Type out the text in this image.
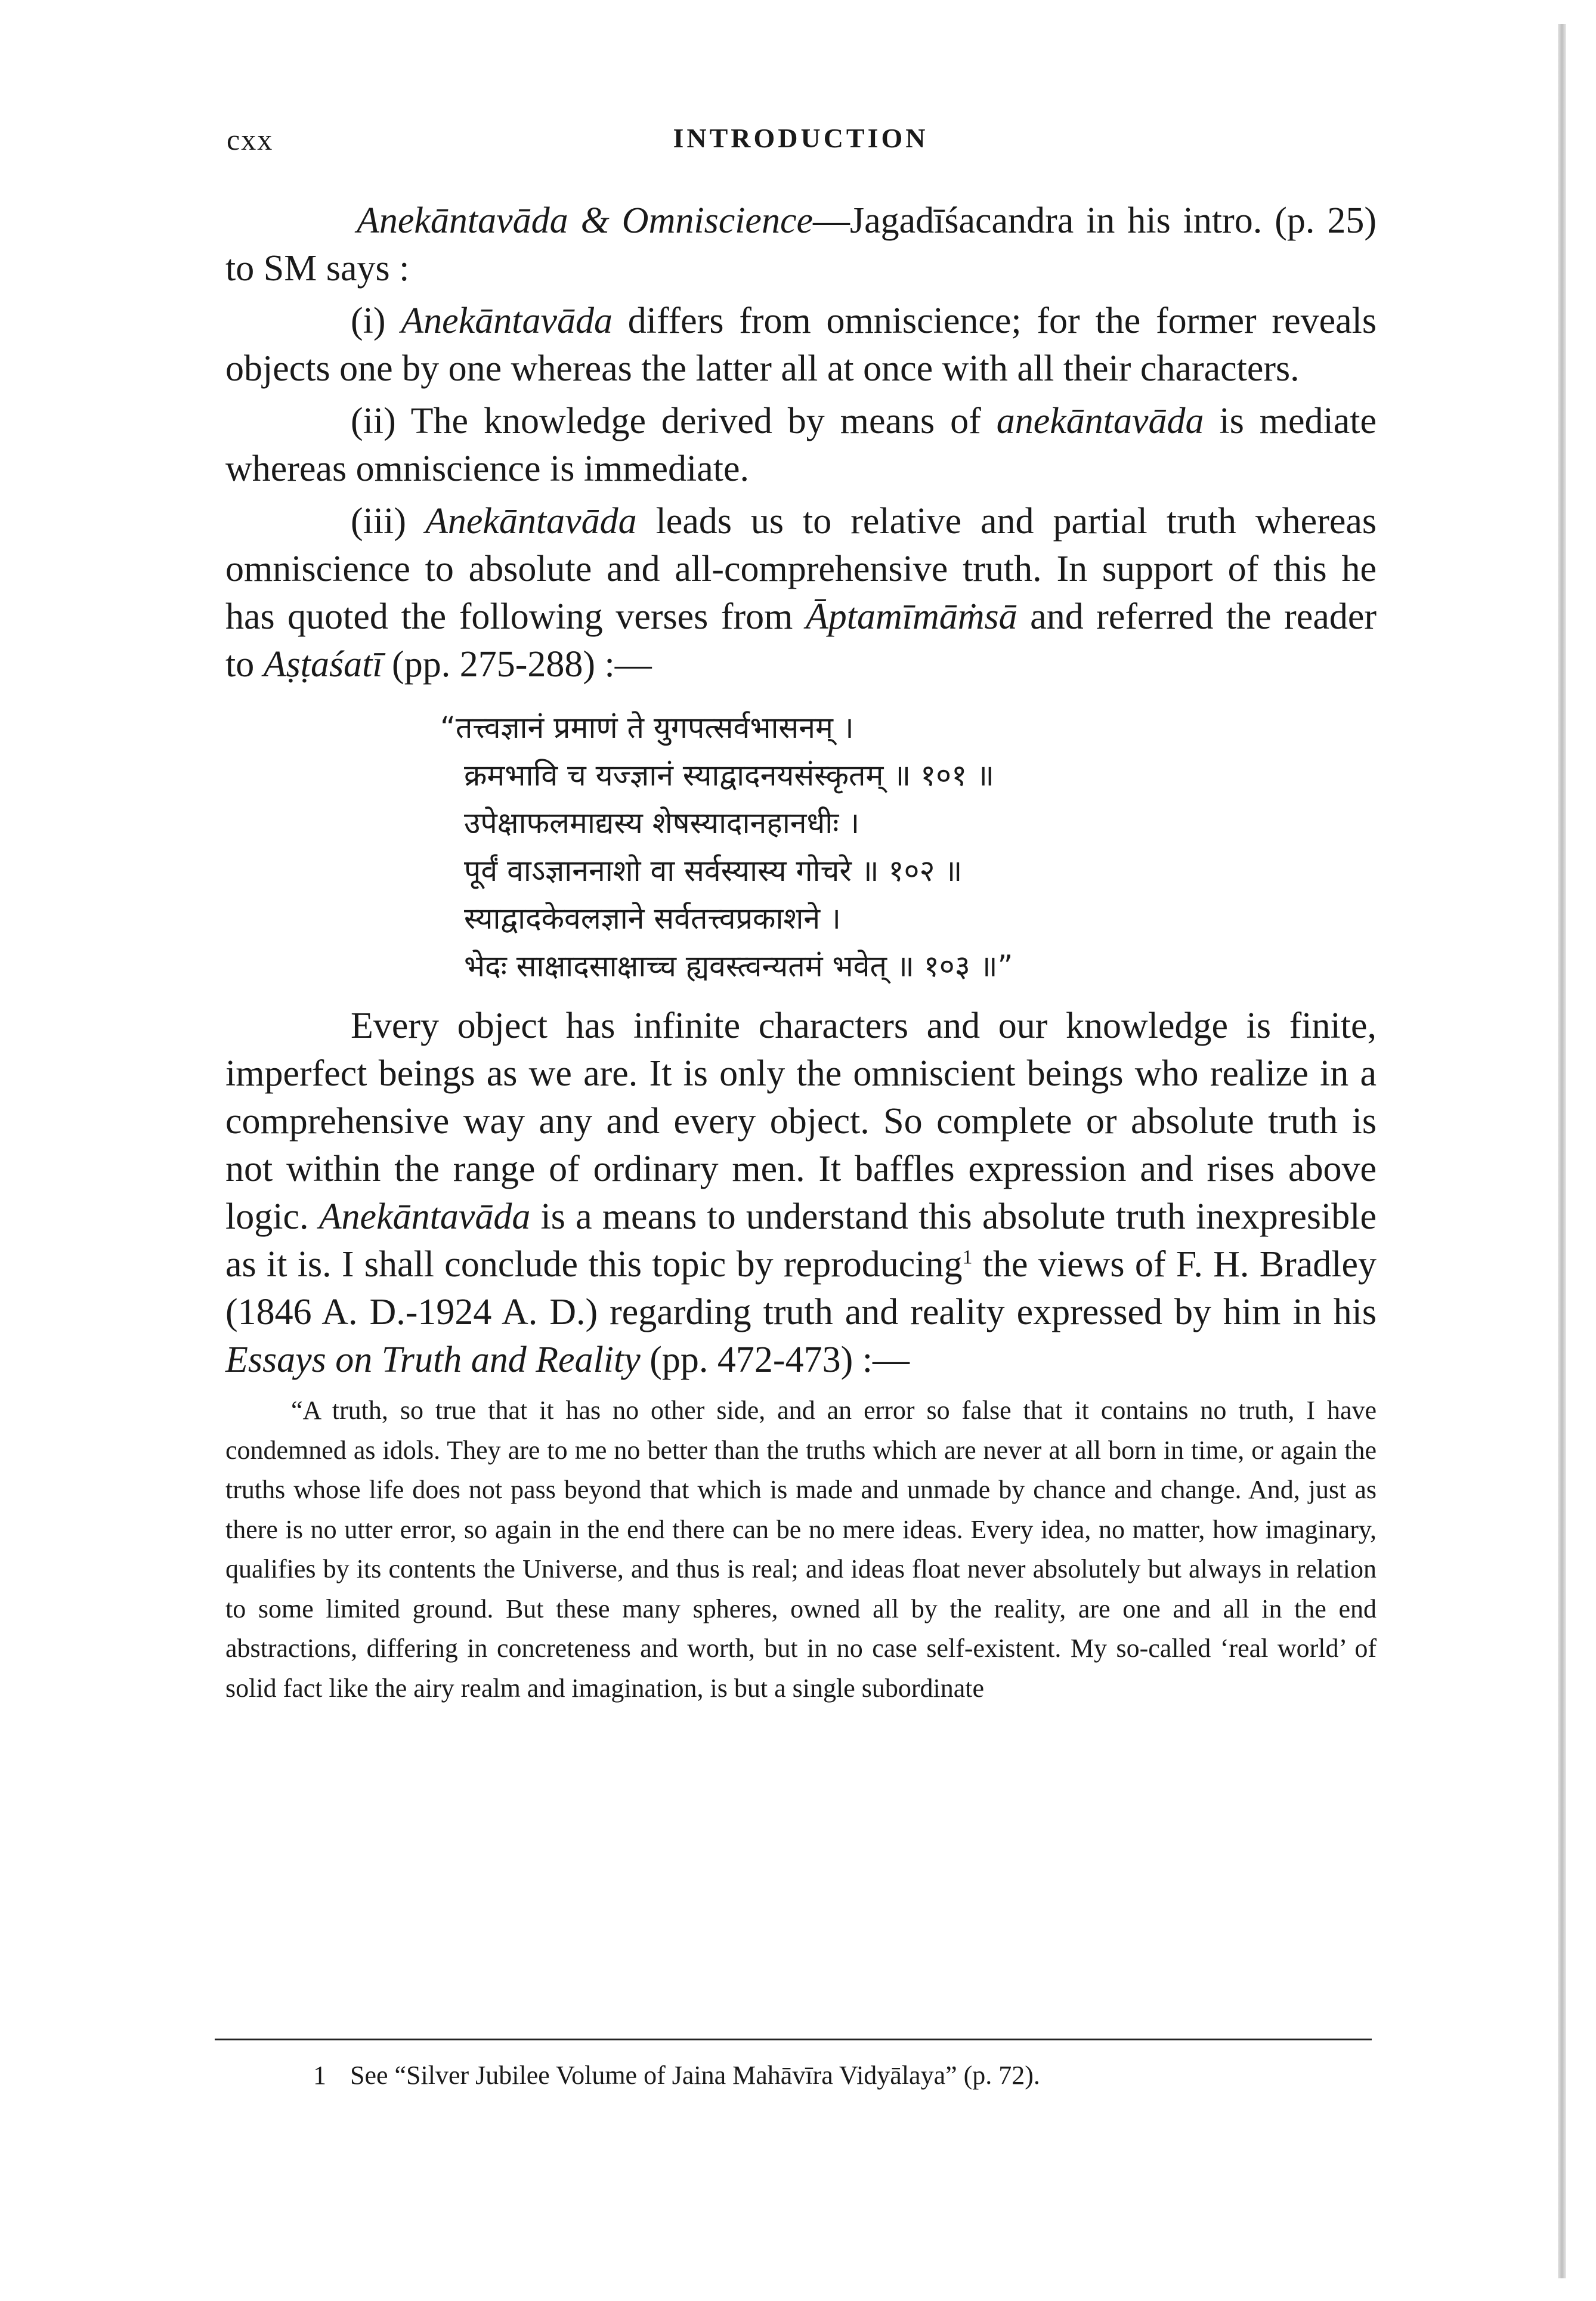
cxx	INTRODUCTION

Anekāntavāda & Omniscience—Jagadīśacandra in his intro. (p. 25) to SM says :

(i) Anekāntavāda differs from omniscience; for the former reveals objects one by one whereas the latter all at once with all their characters.

(ii) The knowledge derived by means of anekāntavāda is mediate whereas omniscience is immediate.

(iii) Anekāntavāda leads us to relative and partial truth whereas omniscience to absolute and all-comprehensive truth. In support of this he has quoted the following verses from Āptamīmāṁsā and referred the reader to Aṣṭaśatī (pp. 275-288) :—

“तत्त्वज्ञानं प्रमाणं ते युगपत्सर्वभासनम् ।
क्रमभावि च यज्ज्ञानं स्याद्वादनयसंस्कृतम् ॥ १०१ ॥
उपेक्षाफलमाद्यस्य शेषस्यादानहानधीः ।
पूर्वं वाऽज्ञाननाशो वा सर्वस्यास्य गोचरे ॥ १०२ ॥
स्याद्वादकेवलज्ञाने सर्वतत्त्वप्रकाशने ।
भेदः साक्षादसाक्षाच्च ह्यवस्त्वन्यतमं भवेत् ॥ १०३ ॥”

Every object has infinite characters and our knowledge is finite, imperfect beings as we are. It is only the omniscient beings who realize in a comprehensive way any and every object. So complete or absolute truth is not within the range of ordinary men. It baffles expression and rises above logic. Anekāntavāda is a means to understand this absolute truth inexpresible as it is. I shall conclude this topic by reproducing$^1$ the views of F. H. Bradley (1846 A. D.-1924 A. D.) regarding truth and reality expressed by him in his Essays on Truth and Reality (pp. 472-473) :—

“A truth, so true that it has no other side, and an error so false that it contains no truth, I have condemned as idols. They are to me no better than the truths which are never at all born in time, or again the truths whose life does not pass beyond that which is made and unmade by chance and change. And, just as there is no utter error, so again in the end there can be no mere ideas. Every idea, no matter, how imaginary, qualifies by its contents the Universe, and thus is real; and ideas float never absolutely but always in relation to some limited ground. But these many spheres, owned all by the reality, are one and all in the end abstractions, differing in concreteness and worth, but in no case self-existent. My so-called ‘real world’ of solid fact like the airy realm and imagination, is but a single subordinate

1 See “Silver Jubilee Volume of Jaina Mahāvīra Vidyālaya” (p. 72).
